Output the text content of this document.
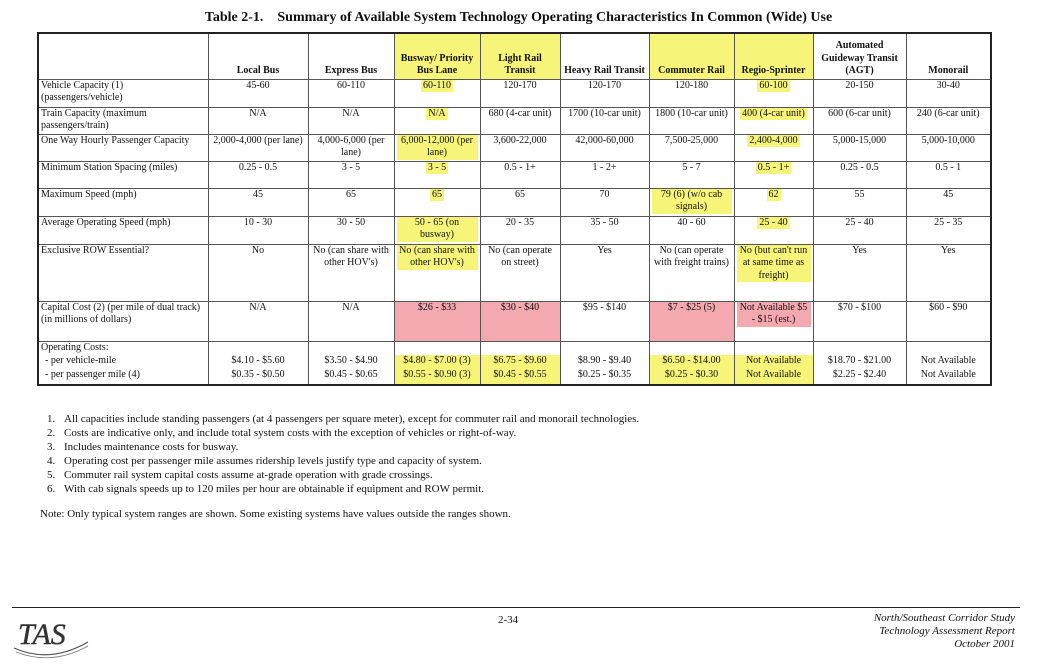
Table 2-1. Summary of Available System Technology Operating Characteristics In Common (Wide) Use
	Local Bus	Express Bus	Busway/ Priority Bus Lane	Light Rail Transit	Heavy Rail Transit	Commuter Rail	Regio-Sprinter	Automated Guideway Transit (AGT)	Monorail
Vehicle Capacity (1) (passengers/vehicle)	45-60	60-110	60-110	120-170	120-170	120-180	60-100	20-150	30-40
Train Capacity (maximum passengers/train)	N/A	N/A	N/A	680 (4-car unit)	1700 (10-car unit)	1800 (10-car unit)	400 (4-car unit)	600 (6-car unit)	240 (6-car unit)
One Way Hourly Passenger Capacity	2,000-4,000 (per lane)	4,000-6,000 (per lane)	6,000-12,000 (per lane)	3,600-22,000	42,000-60,000	7,500-25,000	2,400-4,000	5,000-15,000	5,000-10,000
Minimum Station Spacing (miles)	0.25 - 0.5	3 - 5	3 - 5	0.5 - 1+	1 - 2+	5 - 7	0.5 - 1+	0.25 - 0.5	0.5 - 1
Maximum Speed (mph)	45	65	65	65	70	79 (6) (w/o cab signals)	62	55	45
Average Operating Speed (mph)	10 - 30	30 - 50	50 - 65 (on busway)	20 - 35	35 - 50	40 - 60	25 - 40	25 - 40	25 - 35
Exclusive ROW Essential?	No	No (can share with other HOV's)	No (can share with other HOV's)	No (can operate on street)	Yes	No (can operate with freight trains)	No (but can't run at same time as freight)	Yes	Yes
Capital Cost (2) (per mile of dual track) (in millions of dollars)	N/A	N/A	$26 - $33	$30 - $40	$95 - $140	$7 - $25 (5)	Not Available $5 - $15 (est.)	$70 - $100	$60 - $90
Operating Costs:									
- per vehicle-mile	$4.10 - $5.60	$3.50 - $4.90	$4.80 - $7.00 (3)	$6.75 - $9.60	$8.90 - $9.40	$6.50 - $14.00	Not Available	$18.70 - $21.00	Not Available
- per passenger mile (4)	$0.35 - $0.50	$0.45 - $0.65	$0.55 - $0.90 (3)	$0.45 - $0.55	$0.25 - $0.35	$0.25 - $0.30	Not Available	$2.25 - $2.40	Not Available
1. All capacities include standing passengers (at 4 passengers per square meter), except for commuter rail and monorail technologies.
2. Costs are indicative only, and include total system costs with the exception of vehicles or right-of-way.
3. Includes maintenance costs for busway.
4. Operating cost per passenger mile assumes ridership levels justify type and capacity of system.
5. Commuter rail system capital costs assume at-grade operation with grade crossings.
6. With cab signals speeds up to 120 miles per hour are obtainable if equipment and ROW permit.
Note: Only typical system ranges are shown. Some existing systems have values outside the ranges shown.
TAS	2-34	North/Southeast Corridor Study
Technology Assessment Report
October 2001
